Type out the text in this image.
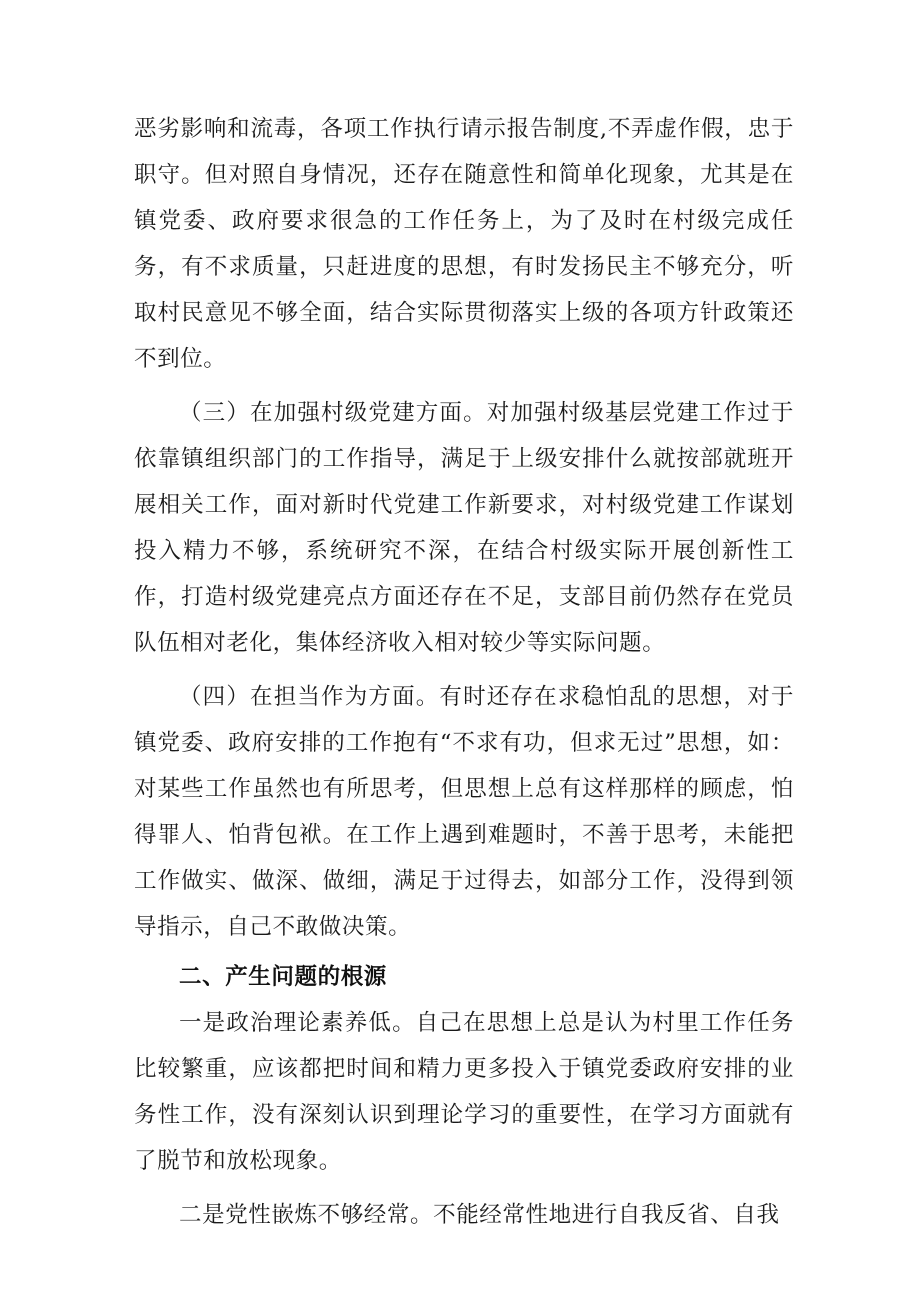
恶劣影响和流毒，各项工作执行请示报告制度,不弄虚作假，忠于职守。但对照自身情况，还存在随意性和简单化现象，尤其是在镇党委、政府要求很急的工作任务上，为了及时在村级完成任务，有不求质量，只赶进度的思想，有时发扬民主不够充分，听取村民意见不够全面，结合实际贯彻落实上级的各项方针政策还不到位。

（三）在加强村级党建方面。对加强村级基层党建工作过于依靠镇组织部门的工作指导，满足于上级安排什么就按部就班开展相关工作，面对新时代党建工作新要求，对村级党建工作谋划投入精力不够，系统研究不深，在结合村级实际开展创新性工作，打造村级党建亮点方面还存在不足，支部目前仍然存在党员队伍相对老化，集体经济收入相对较少等实际问题。

（四）在担当作为方面。有时还存在求稳怕乱的思想，对于镇党委、政府安排的工作抱有“不求有功，但求无过”思想，如：对某些工作虽然也有所思考，但思想上总有这样那样的顾虑，怕得罪人、怕背包袱。在工作上遇到难题时，不善于思考，未能把工作做实、做深、做细，满足于过得去，如部分工作，没得到领导指示，自己不敢做决策。

二、产生问题的根源

一是政治理论素养低。自己在思想上总是认为村里工作任务比较繁重，应该都把时间和精力更多投入于镇党委政府安排的业务性工作，没有深刻认识到理论学习的重要性，在学习方面就有了脱节和放松现象。

二是党性嵌炼不够经常。不能经常性地进行自我反省、自我
